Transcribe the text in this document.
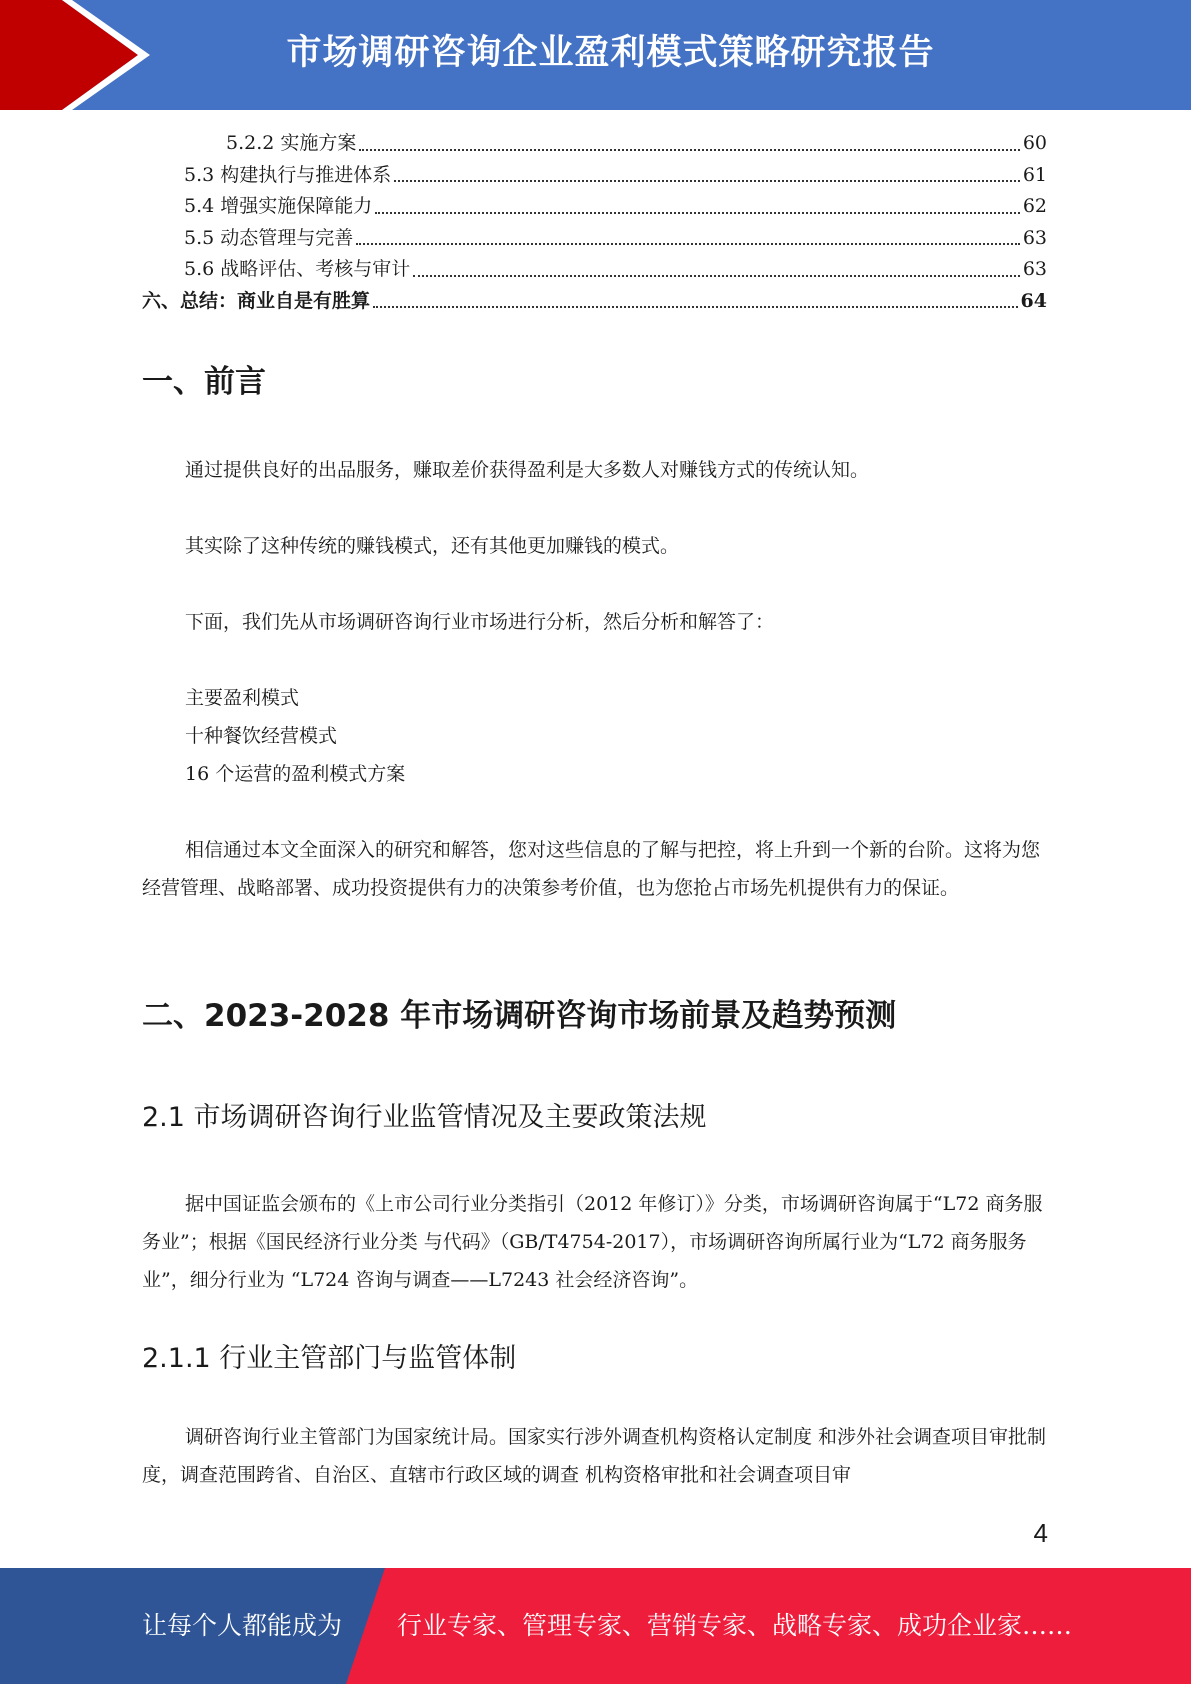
市场调研咨询企业盈利模式策略研究报告
5.2.2 实施方案	60
5.3 构建执行与推进体系	61
5.4 增强实施保障能力	62
5.5 动态管理与完善	63
5.6 战略评估、考核与审计	63
六、总结：商业自是有胜算	64
一、前言

通过提供良好的出品服务，赚取差价获得盈利是大多数人对赚钱方式的传统认知。

其实除了这种传统的赚钱模式，还有其他更加赚钱的模式。

下面，我们先从市场调研咨询行业市场进行分析，然后分析和解答了：

主要盈利模式
十种餐饮经营模式
16 个运营的盈利模式方案

相信通过本文全面深入的研究和解答，您对这些信息的了解与把控，将上升到一个新的台阶。这将为您经营管理、战略部署、成功投资提供有力的决策参考价值，也为您抢占市场先机提供有力的保证。

二、2023-2028 年市场调研咨询市场前景及趋势预测
2.1 市场调研咨询行业监管情况及主要政策法规

据中国证监会颁布的《上市公司行业分类指引（2012 年修订）》分类，市场调研咨询属于“L72 商务服务业”；根据《国民经济行业分类 与代码》（GB/T4754-2017），市场调研咨询所属行业为“L72 商务服务业”，细分行业为 “L724 咨询与调查——L7243 社会经济咨询”。

2.1.1 行业主管部门与监管体制

调研咨询行业主管部门为国家统计局。国家实行涉外调查机构资格认定制度 和涉外社会调查项目审批制度，调查范围跨省、自治区、直辖市行政区域的调查 机构资格审批和社会调查项目审

4
让每个人都能成为 行业专家、管理专家、营销专家、战略专家、成功企业家……
